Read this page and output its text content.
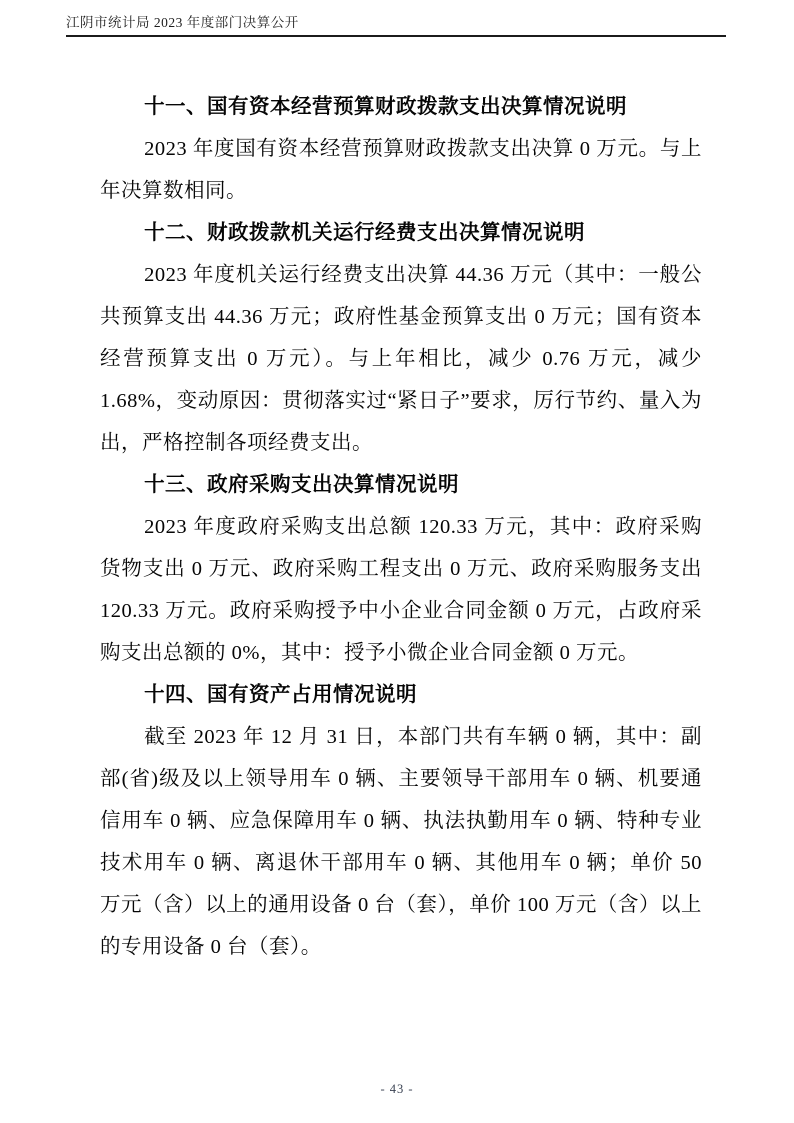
江阴市统计局 2023 年度部门决算公开
十一、国有资本经营预算财政拨款支出决算情况说明

2023 年度国有资本经营预算财政拨款支出决算 0 万元。与上年决算数相同。

十二、财政拨款机关运行经费支出决算情况说明

2023 年度机关运行经费支出决算 44.36 万元（其中：一般公共预算支出 44.36 万元；政府性基金预算支出 0 万元；国有资本经营预算支出 0 万元）。与上年相比，减少 0.76 万元，减少 1.68%，变动原因：贯彻落实过“紧日子”要求，厉行节约、量入为出，严格控制各项经费支出。

十三、政府采购支出决算情况说明

2023 年度政府采购支出总额 120.33 万元，其中：政府采购货物支出 0 万元、政府采购工程支出 0 万元、政府采购服务支出 120.33 万元。政府采购授予中小企业合同金额 0 万元，占政府采购支出总额的 0%，其中：授予小微企业合同金额 0 万元。

十四、国有资产占用情况说明

截至 2023 年 12 月 31 日，本部门共有车辆 0 辆，其中：副部(省)级及以上领导用车 0 辆、主要领导干部用车 0 辆、机要通信用车 0 辆、应急保障用车 0 辆、执法执勤用车 0 辆、特种专业技术用车 0 辆、离退休干部用车 0 辆、其他用车 0 辆；单价 50 万元（含）以上的通用设备 0 台（套），单价 100 万元（含）以上的专用设备 0 台（套）。

- 43 -
